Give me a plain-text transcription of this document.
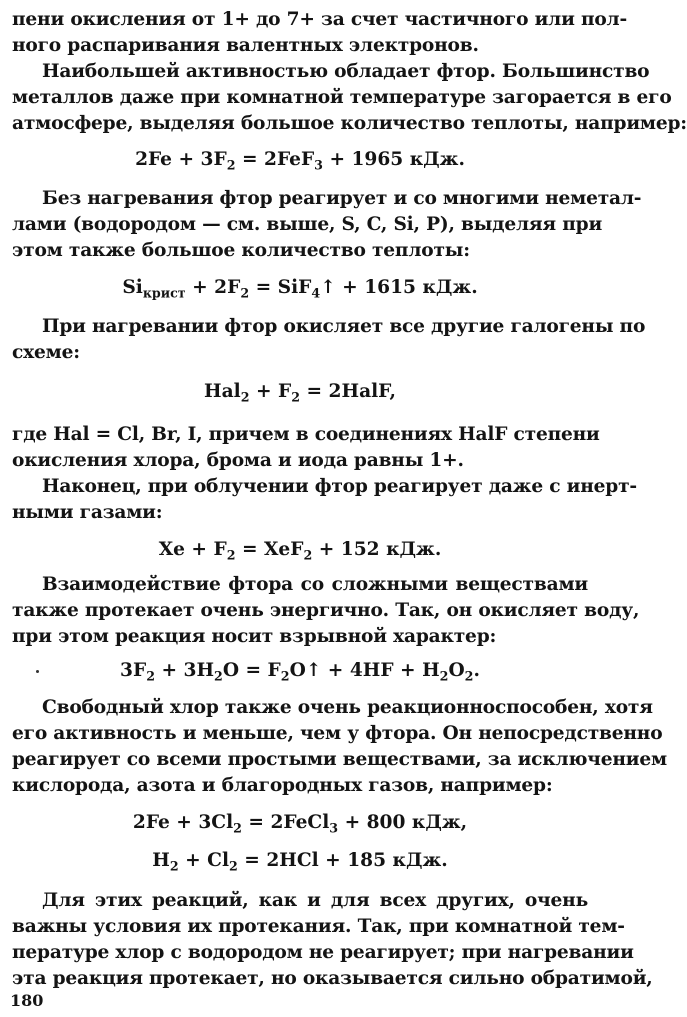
пени окисления от 1+ до 7+ за счет частичного или пол-
ного распаривания валентных электронов.
Наибольшей активностью обладает фтор. Большинство
металлов даже при комнатной температуре загорается в его
атмосфере, выделяя большое количество теплоты, например:
$2Fe + 3F_2 = 2FeF_3 + 1965$ кДж.
Без нагревания фтор реагирует и со многими неметал-
лами (водородом — см. выше, S, C, Si, P), выделяя при
этом также большое количество теплоты:
$Si_{крист} + 2F_2$ = SiF$_4$↑ + 1615 кДж.
При нагревании фтор окисляет все другие галогены по
схеме:
$Hal_2 + F_2$ = 2HalF,
где Hal = Cl, Br, I, причем в соединениях HalF степени
окисления хлора, брома и иода равны 1+.
Наконец, при облучении фтор реагирует даже с инерт-
ными газами:
$Xe + F_2 = XeF_2 + 152$ кДж.
Взаимодействие фтора со сложными веществами
также протекает очень энергично. Так, он окисляет воду,
при этом реакция носит взрывной характер:
$3F_2 + 3H_2O$ = $F_2O↑ + 4HF + H_2O_2$.
Свободный хлор также очень реакционноспособен, хотя
его активность и меньше, чем у фтора. Он непосредственно
реагирует со всеми простыми веществами, за исключением
кислорода, азота и благородных газов, например:
$2Fe + 3Cl_2$ = 2FeCl$_3$ + 800 кДж,
$H_2 + Cl_2 = 2HCl + 185$ кДж.
Для этих реакций, как и для всех других, очень
важны условия их протекания. Так, при комнатной тем-
пературе хлор с водородом не реагирует; при нагревании
эта реакция протекает, но оказывается сильно обратимой,
180
